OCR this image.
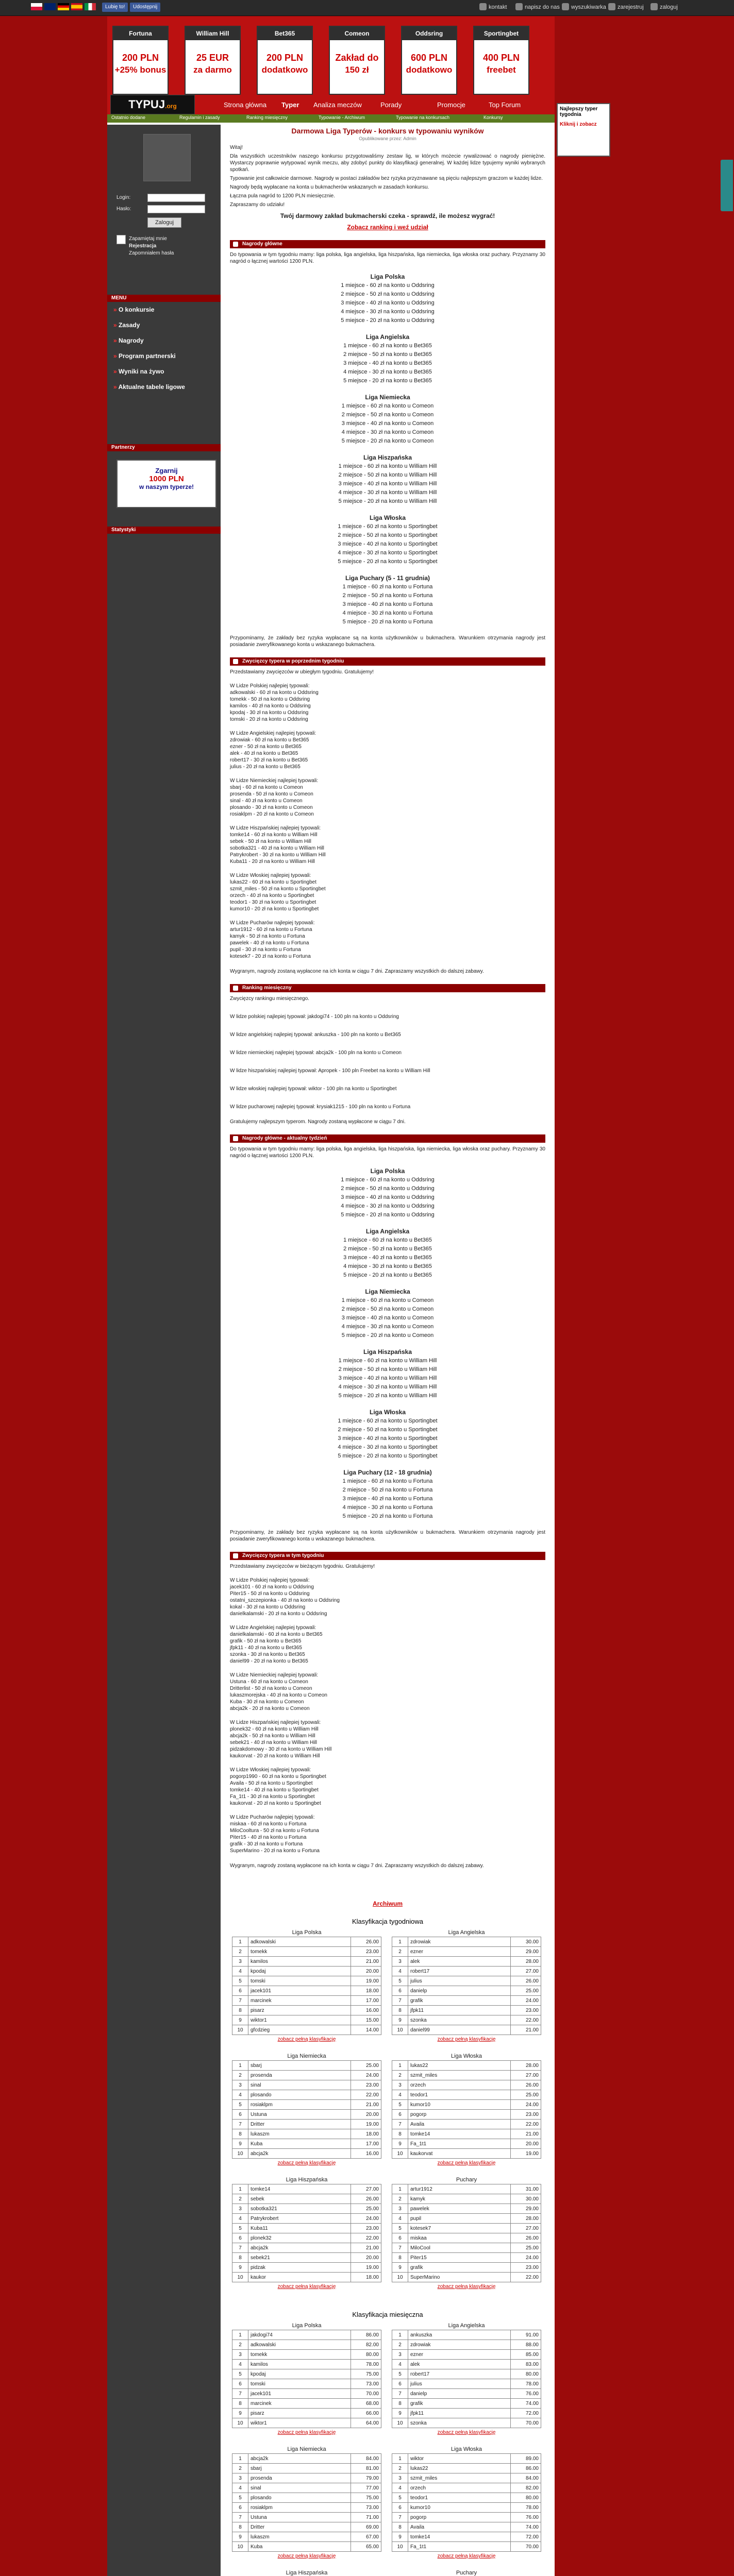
Lubię to!	Udostępnij	kontakt	napisz do nas wyszukiwarka zarejestruj	zaloguj
Fortuna
200 PLN
+25% bonus
William Hill
25 EUR
za darmo
Bet365
200 PLN
dodatkowo
Comeon
Zakład do
150 zł
Oddsring
600 PLN
dodatkowo
Sportingbet
400 PLN
freebet
TYPUJ.org	Strona główna Typer Analiza meczów	Porady	Promocje	Top Forum
Ostatnio dodane	Regulamin i zasady	Ranking miesięczny	Typowanie - Archiwum	Typowanie na konkursach	Konkursy
Login:
Hasło:
Zaloguj
Zapamiętaj mnie
Rejestracja
Zapomniałem hasła
MENU
» O konkursie
» Zasady
» Nagrody
» Program partnerski
» Wyniki na żywo
» Aktualne tabele ligowe
Partnerzy
Zgarnij
1000 PLN
w naszym typerze!
Statystyki
Darmowa Liga Typerów - konkurs w typowaniu wyników
Opublikowane przez: Admin
Witaj!
Dla wszystkich uczestników naszego konkursu przygotowaliśmy zestaw lig, w których możecie rywalizować o nagrody pieniężne. Wystarczy poprawnie wytypować wynik meczu, aby zdobyć punkty do klasyfikacji generalnej. W każdej lidze typujemy wyniki wybranych spotkań.
Typowanie jest całkowicie darmowe. Nagrody w postaci zakładów bez ryzyka przyznawane są pięciu najlepszym graczom w każdej lidze.
Nagrody będą wypłacane na konta u bukmacherów wskazanych w zasadach konkursu.
Łączna pula nagród to 1200 PLN miesięcznie.
Zapraszamy do udziału!
Twój darmowy zakład bukmacherski czeka - sprawdź, ile możesz wygrać!
Zobacz ranking i weź udział
Nagrody główne
Do typowania w tym tygodniu mamy: liga polska, liga angielska, liga hiszpańska, liga niemiecka, liga włoska oraz puchary. Przyznamy 30 nagród o łącznej wartości 1200 PLN.
Liga Polska
1 miejsce - 60 zł na konto u Oddsring
2 miejsce - 50 zł na konto u Oddsring
3 miejsce - 40 zł na konto u Oddsring
4 miejsce - 30 zł na konto u Oddsring
5 miejsce - 20 zł na konto u Oddsring
Liga Angielska
1 miejsce - 60 zł na konto u Bet365
2 miejsce - 50 zł na konto u Bet365
3 miejsce - 40 zł na konto u Bet365
4 miejsce - 30 zł na konto u Bet365
5 miejsce - 20 zł na konto u Bet365
Liga Niemiecka
1 miejsce - 60 zł na konto u Comeon
2 miejsce - 50 zł na konto u Comeon
3 miejsce - 40 zł na konto u Comeon
4 miejsce - 30 zł na konto u Comeon
5 miejsce - 20 zł na konto u Comeon
Liga Hiszpańska
1 miejsce - 60 zł na konto u William Hill
2 miejsce - 50 zł na konto u William Hill
3 miejsce - 40 zł na konto u William Hill
4 miejsce - 30 zł na konto u William Hill
5 miejsce - 20 zł na konto u William Hill
Liga Włoska
1 miejsce - 60 zł na konto u Sportingbet
2 miejsce - 50 zł na konto u Sportingbet
3 miejsce - 40 zł na konto u Sportingbet
4 miejsce - 30 zł na konto u Sportingbet
5 miejsce - 20 zł na konto u Sportingbet
Liga Puchary (5 - 11 grudnia)
1 miejsce - 60 zł na konto u Fortuna
2 miejsce - 50 zł na konto u Fortuna
3 miejsce - 40 zł na konto u Fortuna
4 miejsce - 30 zł na konto u Fortuna
5 miejsce - 20 zł na konto u Fortuna
Przypominamy, że zakłady bez ryzyka wypłacane są na konta użytkowników u bukmachera. Warunkiem otrzymania nagrody jest posiadanie zweryfikowanego konta u wskazanego bukmachera.
Zwycięzcy typera w poprzednim tygodniu
Przedstawiamy zwycięzców w ubiegłym tygodniu. Gratulujemy!
W Lidze Polskiej najlepiej typowali:
adkowalski - 60 zł na konto u Oddsring
tomekk - 50 zł na konto u Oddsring
kamilos - 40 zł na konto u Oddsring
kpodaj - 30 zł na konto u Oddsring
tomski - 20 zł na konto u Oddsring
W Lidze Angielskiej najlepiej typowali:
zdrowiak - 60 zł na konto u Bet365
ezner - 50 zł na konto u Bet365
alek - 40 zł na konto u Bet365
robert17 - 30 zł na konto u Bet365
julius - 20 zł na konto u Bet365
W Lidze Niemieckiej najlepiej typowali:
sbarj - 60 zł na konto u Comeon
prosenda - 50 zł na konto u Comeon
sinal - 40 zł na konto u Comeon
plosando - 30 zł na konto u Comeon
rosiaklpm - 20 zł na konto u Comeon
W Lidze Hiszpańskiej najlepiej typowali:
tomke14 - 60 zł na konto u William Hill
sebek - 50 zł na konto u William Hill
sobotka321 - 40 zł na konto u William Hill
Patrykrobert - 30 zł na konto u William Hill
Kuba11 - 20 zł na konto u William Hill
W Lidze Włoskiej najlepiej typowali:
lukas22 - 60 zł na konto u Sportingbet
szmit_miles - 50 zł na konto u Sportingbet
orzech - 40 zł na konto u Sportingbet
teodor1 - 30 zł na konto u Sportingbet
kumor10 - 20 zł na konto u Sportingbet
W Lidze Pucharów najlepiej typowali:
artur1912 - 60 zł na konto u Fortuna
kamyk - 50 zł na konto u Fortuna
pawelek - 40 zł na konto u Fortuna
pupil - 30 zł na konto u Fortuna
kotesek7 - 20 zł na konto u Fortuna
Wygranym, nagrody zostaną wypłacone na ich konta w ciągu 7 dni. Zapraszamy wszystkich do dalszej zabawy.
Ranking miesięczny
Zwycięzcy rankingu miesięcznego.
W lidze polskiej najlepiej typował: jakdogi74 - 100 pln na konto u Oddsring
W lidze angielskiej najlepiej typował: ankuszka - 100 pln na konto u Bet365
W lidze niemieckiej najlepiej typował: abcja2k - 100 pln na konto u Comeon
W lidze hiszpańskiej najlepiej typował: Apropek - 100 pln Freebet na konto u William Hill
W lidze włoskiej najlepiej typował: wiktor - 100 pln na konto u Sportingbet
W lidze pucharowej najlepiej typował: krysiak1215 - 100 pln na konto u Fortuna
Gratulujemy najlepszym typerom. Nagrody zostaną wypłacone w ciągu 7 dni.
Nagrody główne - aktualny tydzień
Do typowania w tym tygodniu mamy: liga polska, liga angielska, liga hiszpańska, liga niemiecka, liga włoska oraz puchary. Przyznamy 30 nagród o łącznej wartości 1200 PLN.
Liga Polska
1 miejsce - 60 zł na konto u Oddsring
2 miejsce - 50 zł na konto u Oddsring
3 miejsce - 40 zł na konto u Oddsring
4 miejsce - 30 zł na konto u Oddsring
5 miejsce - 20 zł na konto u Oddsring
Liga Angielska
1 miejsce - 60 zł na konto u Bet365
2 miejsce - 50 zł na konto u Bet365
3 miejsce - 40 zł na konto u Bet365
4 miejsce - 30 zł na konto u Bet365
5 miejsce - 20 zł na konto u Bet365
Liga Niemiecka
1 miejsce - 60 zł na konto u Comeon
2 miejsce - 50 zł na konto u Comeon
3 miejsce - 40 zł na konto u Comeon
4 miejsce - 30 zł na konto u Comeon
5 miejsce - 20 zł na konto u Comeon
Liga Hiszpańska
1 miejsce - 60 zł na konto u William Hill
2 miejsce - 50 zł na konto u William Hill
3 miejsce - 40 zł na konto u William Hill
4 miejsce - 30 zł na konto u William Hill
5 miejsce - 20 zł na konto u William Hill
Liga Włoska
1 miejsce - 60 zł na konto u Sportingbet
2 miejsce - 50 zł na konto u Sportingbet
3 miejsce - 40 zł na konto u Sportingbet
4 miejsce - 30 zł na konto u Sportingbet
5 miejsce - 20 zł na konto u Sportingbet
Liga Puchary (12 - 18 grudnia)
1 miejsce - 60 zł na konto u Fortuna
2 miejsce - 50 zł na konto u Fortuna
3 miejsce - 40 zł na konto u Fortuna
4 miejsce - 30 zł na konto u Fortuna
5 miejsce - 20 zł na konto u Fortuna
Przypominamy, że zakłady bez ryzyka wypłacane są na konta użytkowników u bukmachera. Warunkiem otrzymania nagrody jest posiadanie zweryfikowanego konta u wskazanego bukmachera.
Zwycięzcy typera w tym tygodniu
Przedstawiamy zwycięzców w bieżącym tygodniu. Gratulujemy!
W Lidze Polskiej najlepiej typowali:
jacek101 - 60 zł na konto u Oddsring
Piter15 - 50 zł na konto u Oddsring
ostatni_szczepionka - 40 zł na konto u Oddsring
kokal - 30 zł na konto u Oddsring
danielkalamski - 20 zł na konto u Oddsring
W Lidze Angielskiej najlepiej typowali:
danielkalamski - 60 zł na konto u Bet365
grafik - 50 zł na konto u Bet365
jfpk11 - 40 zł na konto u Bet365
szonka - 30 zł na konto u Bet365
daniel99 - 20 zł na konto u Bet365
W Lidze Niemieckiej najlepiej typowali:
Ustuna - 60 zł na konto u Comeon
Dritterlist - 50 zł na konto u Comeon
lukaszmorejska - 40 zł na konto u Comeon
Kuba - 30 zł na konto u Comeon
abcja2k - 20 zł na konto u Comeon
W Lidze Hiszpańskiej najlepiej typowali:
plonek32 - 60 zł na konto u William Hill
abcja2k - 50 zł na konto u William Hill
sebek21 - 40 zł na konto u William Hill
pidzakdomowy - 30 zł na konto u William Hill
kaukorvat - 20 zł na konto u William Hill
W Lidze Włoskiej najlepiej typowali:
pogorp1990 - 60 zł na konto u Sportingbet
Availa - 50 zł na konto u Sportingbet
tomke14 - 40 zł na konto u Sportingbet
Fa_1t1 - 30 zł na konto u Sportingbet
kaukorvat - 20 zł na konto u Sportingbet
W Lidze Pucharów najlepiej typowali:
miskaa - 60 zł na konto u Fortuna
MiloCooltura - 50 zł na konto u Fortuna
Piter15 - 40 zł na konto u Fortuna
grafik - 30 zł na konto u Fortuna
SuperMarino - 20 zł na konto u Fortuna
Wygranym, nagrody zostaną wypłacone na ich konta w ciągu 7 dni. Zapraszamy wszystkich do dalszej zabawy.
Archiwum
Klasyfikacja tygodniowa
Liga Polska
1	adkowalski	26.00
2	tomekk	23.00
3	kamilos	21.00
4	kpodaj	20.00
5	tomski	19.00
6	jacek101	18.00
7	marcinek	17.00
8	pisarz	16.00
9	wiktor1	15.00
10	gfcdzieg	14.00
zobacz pełną klasyfikację
Liga Angielska
1	zdrowiak	30.00
2	ezner	29.00
3	alek	28.00
4	robert17	27.00
5	julius	26.00
6	danielp	25.00
7	grafik	24.00
8	jfpk11	23.00
9	szonka	22.00
10	daniel99	21.00
zobacz pełną klasyfikację
Liga Niemiecka
1	sbarj	25.00
2	prosenda	24.00
3	sinal	23.00
4	plosando	22.00
5	rosiaklpm	21.00
6	Ustuna	20.00
7	Dritter	19.00
8	lukaszm	18.00
9	Kuba	17.00
10	abcja2k	16.00
zobacz pełną klasyfikację
Liga Włoska
1	lukas22	28.00
2	szmit_miles	27.00
3	orzech	26.00
4	teodor1	25.00
5	kumor10	24.00
6	pogorp	23.00
7	Availa	22.00
8	tomke14	21.00
9	Fa_1t1	20.00
10	kaukorvat	19.00
zobacz pełną klasyfikację
Liga Hiszpańska
1	tomke14	27.00
2	sebek	26.00
3	sobotka321	25.00
4	Patrykrobert	24.00
5	Kuba11	23.00
6	plonek32	22.00
7	abcja2k	21.00
8	sebek21	20.00
9	pidzak	19.00
10	kaukor	18.00
zobacz pełną klasyfikację
Puchary
1	artur1912	31.00
2	kamyk	30.00
3	pawelek	29.00
4	pupil	28.00
5	kotesek7	27.00
6	miskaa	26.00
7	MiloCool	25.00
8	Piter15	24.00
9	grafik	23.00
10	SuperMarino	22.00
zobacz pełną klasyfikację
Klasyfikacja miesięczna
Liga Polska
1	jakdogi74	86.00
2	adkowalski	82.00
3	tomekk	80.00
4	kamilos	78.00
5	kpodaj	75.00
6	tomski	73.00
7	jacek101	70.00
8	marcinek	68.00
9	pisarz	66.00
10	wiktor1	64.00
zobacz pełną klasyfikację
Liga Angielska
1	ankuszka	91.00
2	zdrowiak	88.00
3	ezner	85.00
4	alek	83.00
5	robert17	80.00
6	julius	78.00
7	danielp	76.00
8	grafik	74.00
9	jfpk11	72.00
10	szonka	70.00
zobacz pełną klasyfikację
Liga Niemiecka
1	abcja2k	84.00
2	sbarj	81.00
3	prosenda	79.00
4	sinal	77.00
5	plosando	75.00
6	rosiaklpm	73.00
7	Ustuna	71.00
8	Dritter	69.00
9	lukaszm	67.00
10	Kuba	65.00
zobacz pełną klasyfikację
Liga Włoska
1	wiktor	89.00
2	lukas22	86.00
3	szmit_miles	84.00
4	orzech	82.00
5	teodor1	80.00
6	kumor10	78.00
7	pogorp	76.00
8	Availa	74.00
9	tomke14	72.00
10	Fa_1t1	70.00
zobacz pełną klasyfikację
Liga Hiszpańska

			Puchary

Najlepszy typer tygodnia
Kliknij i zobacz
